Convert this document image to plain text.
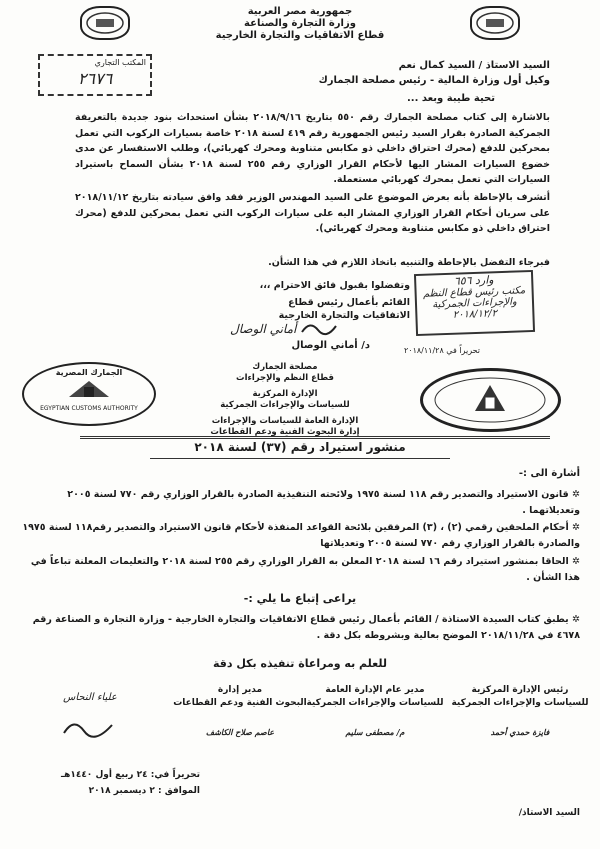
جمهورية مصر العربية
وزارة التجارة والصناعة
قطاع الاتفاقيات والتجارة الخارجية
المكتب التجاري
٢٦٧٦
السيد الاستاذ / السيد كمال نعم
وكيل أول وزارة المالية - رئيس مصلحة الجمارك
تحية طيبة وبعد ...
بالاشارة إلى كتاب مصلحة الجمارك رقم ٥٥٠ بتاريخ ٢٠١٨/٩/١٦ بشأن استحداث بنود جديدة بالتعريفة الجمركية الصادرة بقرار السيد رئيس الجمهورية رقم ٤١٩ لسنة ٢٠١٨ خاصة بسيارات الركوب التي تعمل بمحركين للدفع (محرك احتراق داخلي ذو مكابس متناوبة ومحرك كهربائي)، وطلب الاستفسار عن مدى خضوع السيارات المشار اليها لأحكام القرار الوزاري رقم ٢٥٥ لسنة ٢٠١٨ بشأن السماح باستيراد السيارات التي تعمل بمحرك كهربائي مستعملة.
أتشرف بالإحاطة بأنه بعرض الموضوع على السيد المهندس الوزير فقد وافق سيادته بتاريخ ٢٠١٨/١١/١٢ على سريان أحكام القرار الوزاري المشار اليه على سيارات الركوب التي تعمل بمحركين للدفع (محرك احتراق داخلي ذو مكابس متناوبة ومحرك كهربائي).
فبرجاء التفضل بالإحاطة والتنبيه باتخاذ اللازم في هذا الشأن.
وارد ٦٥٦
مكتب رئيس قطاع النظم
والإجراءات الجمركية
٢٠١٨/١٢/٢
وتفضلوا بقبول فائق الاحترام ،،،
القائم بأعمال رئيس قطاع
الاتفاقيات والتجارة الخارجية
أماني الوصال
د/ أماني الوصال	تحريراً في ٢٠١٨/١١/٢٨
الجمارك المصرية
EGYPTIAN CUSTOMS AUTHORITY
مصلحة الجمارك
قطاع النظم والإجراءات
الإدارة المركزية
للسياسات والإجراءات الجمركية
الإدارة العامة للسياسات والإجراءات
إدارة البحوث الفنية ودعم القطاعات
منشور استيراد رقم (٣٧) لسنة ٢٠١٨
أشارة الى :-
✲ قانون الاستيراد والتصدير رقم ١١٨ لسنة ١٩٧٥ ولائحته التنفيذية الصادرة بالقرار الوزاري رقم ٧٧٠ لسنة ٢٠٠٥ وتعديلاتهما .
✲ أحكام الملحقين رقمي (٢) ، (٣) المرفقين بلائحة القواعد المنفذة لأحكام قانون الاستيراد والتصدير رقم١١٨ لسنة ١٩٧٥ والصادرة بالقرار الوزاري رقم ٧٧٠ لسنة ٢٠٠٥ وتعديلاتها
✲ الحاقا بمنشور استيراد رقم ١٦ لسنة ٢٠١٨ المعلن به القرار الوزاري رقم ٢٥٥ لسنة ٢٠١٨ والتعليمات المعلنة تباعاً في هذا الشأن .
يراعى إتباع ما يلي :-
✲ يطبق كتاب السيدة الاستاذة / القائم بأعمال رئيس قطاع الاتفاقيات والتجارة الخارجية - وزارة التجارة و الصناعة رقم ٤٦٧٨ في ٢٠١٨/١١/٢٨ الموضح بعالية وبشروطه بكل دقة .
للعلم به ومراعاة تنفيذه بكل دقة
رئيس الإدارة المركزية
للسياسات والإجراءات الجمركية
فايزة حمدي أحمد
مدير عام الإدارة العامة
للسياسات والإجراءات الجمركية
م/ مصطفى سليم
مدير إدارة
البحوث الفنية ودعم القطاعات
عاصم صلاح الكاشف
علياء النحاس
تحريراً في: ٢٤ ربيع أول ١٤٤٠هـ
الموافق : ٢ ديسمبر ٢٠١٨
السيد الاستاذ/
